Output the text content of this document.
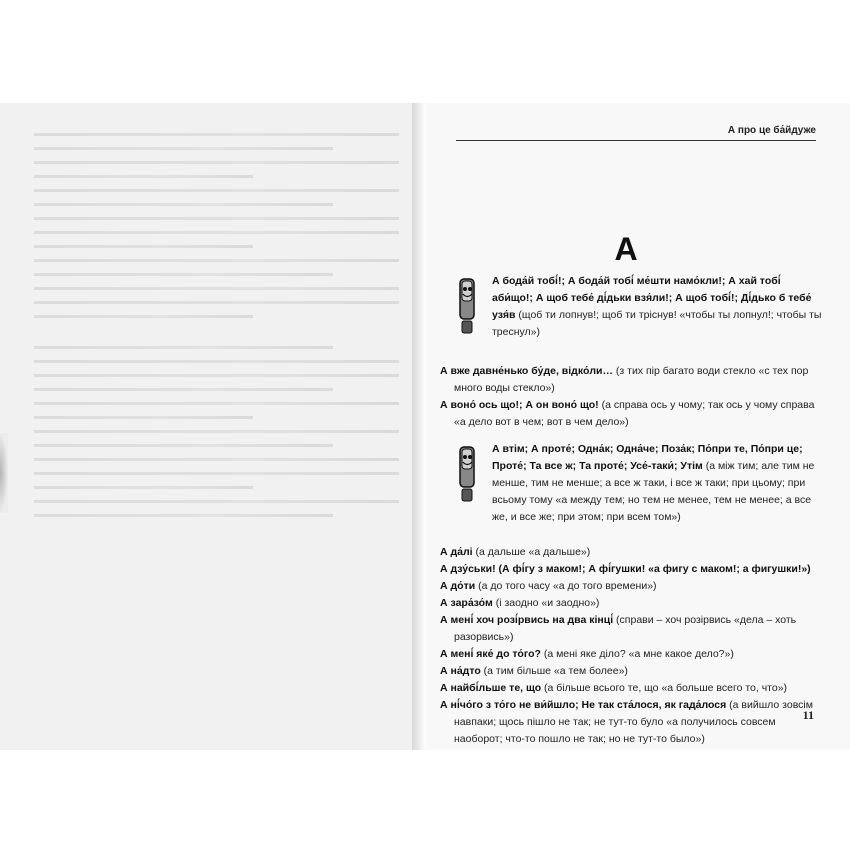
А про це ба́йдуже
А

А бода́й тобі́!; А бода́й тобі́ ме́шти намо́кли!; А хай тобі́ аби́що!; А щоб тебе́ ді́дьки взя́ли!; А щоб тобі́!; Ді́дько б тебе́ узя́в (щоб ти лопнув!; щоб ти тріснув! «чтобы ты лопнул!; чтобы ты треснул»)

А вже давне́нько бу́де, відко́ли… (з тих пір багато води стекло «с тех пор много воды стекло»)

А воно́ ось що!; А он воно́ що! (а справа ось у чому; так ось у чому справа «а дело вот в чем; вот в чем дело»)

А втім; А проте́; Одна́к; Одна́че; Поза́к; По́при те, По́при це; Проте́; Та все ж; Та проте́; Усе́-таки́; Утім (а між тим; але тим не менше, тим не менше; а все ж таки, і все ж таки; при цьому; при всьому тому «а между тем; но тем не менее, тем не менее; а все же, и все же; при этом; при всем том»)

А да́лі (а дальше «а дальше»)

А дзу́ськи! (А фі́гу з маком!; А фі́гушки! «а фигу с маком!; а фигушки!»)

А до́ти (а до того часу «а до того времени»)

А зара́зо́м (і заодно «и заодно»)

А мені́ хоч розі́рвись на два кінці́ (справи – хоч розірвись «дела – хоть разорвись»)

А мені́ яке́ до то́го? (а мені яке діло? «а мне какое дело?»)

А на́дто (а тим більше «а тем более»)

А найбі́льше те, що (а більше всього те, що «а больше всего то, что»)

А ні́чо́го з то́го не ви́йшло; Не так ста́лося, як гада́лося (а вийшло зовсім навпаки; щось пішло не так; не тут-то було «а получилось совсем наоборот; что-то пошло не так; но не тут-то было»)

11
